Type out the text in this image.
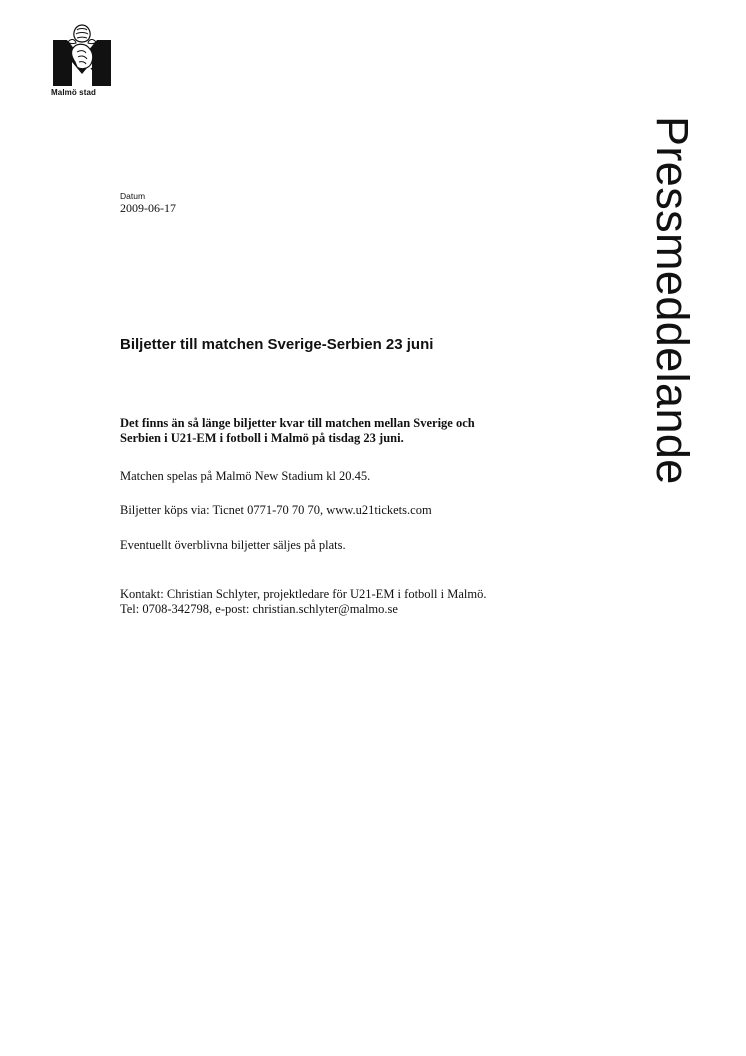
Malmö stad
Pressmeddelande
Datum
2009-06-17
Biljetter till matchen Sverige-Serbien 23 juni

Det finns än så länge biljetter kvar till matchen mellan Sverige och

Serbien i U21-EM i fotboll i Malmö på tisdag 23 juni.

Matchen spelas på Malmö New Stadium kl 20.45.

Biljetter köps via: Ticnet 0771-70 70 70, www.u21tickets.com

Eventuellt överblivna biljetter säljes på plats.

Kontakt: Christian Schlyter, projektledare för U21-EM i fotboll i Malmö.

Tel: 0708-342798, e-post: christian.schlyter@malmo.se
